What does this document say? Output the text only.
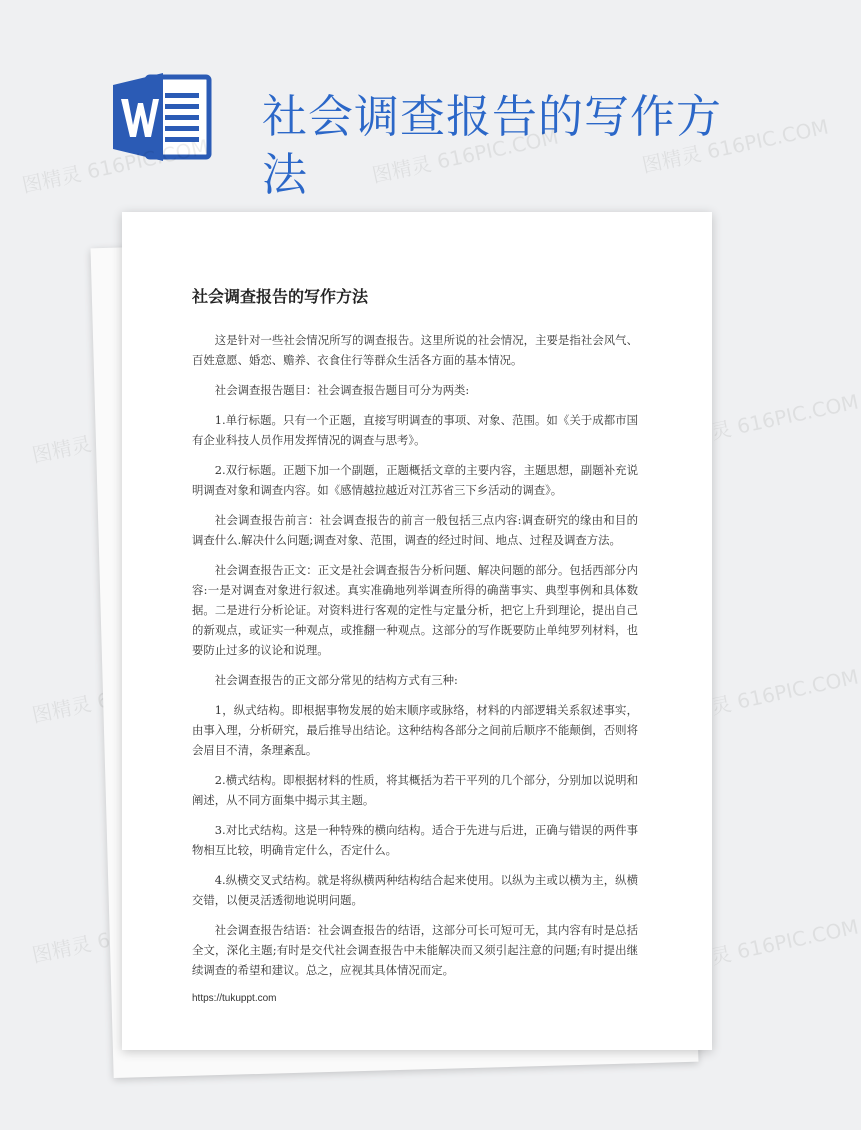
社会调查报告的写作方法	图精灵 616PIC.COM	图精灵 616PIC.COM
图精灵 616PIC.COM
图精灵	图精灵 616PIC.COM
图精灵	图精灵 616PIC.COM
图精灵	图精灵 616PIC.COM
社会调查报告的写作方法

这是针对一些社会情况所写的调查报告。这里所说的社会情况，主要是指社会风气、百姓意愿、婚恋、赡养、衣食住行等群众生活各方面的基本情况。

社会调查报告题目：社会调查报告题目可分为两类:

1.单行标题。只有一个正题，直接写明调查的事项、对象、范围。如《关于成都市国有企业科技人员作用发挥情况的调查与思考》。

2.双行标题。正题下加一个副题，正题概括文章的主要内容，主题思想，副题补充说明调查对象和调查内容。如《感情越拉越近对江苏省三下乡活动的调查》。

社会调查报告前言：社会调查报告的前言一般包括三点内容:调查研究的缘由和目的调查什么.解决什么问题;调查对象、范围，调查的经过时间、地点、过程及调查方法。

社会调查报告正文：正文是社会调查报告分析问题、解决问题的部分。包括西部分内容:一是对调查对象进行叙述。真实准确地列举调查所得的确凿事实、典型事例和具体数据。二是进行分析论证。对资料进行客观的定性与定量分析，把它上升到理论，提出自己的新观点，或证实一种观点，或推翻一种观点。这部分的写作既要防止单纯罗列材料，也要防止过多的议论和说理。

社会调查报告的正文部分常见的结构方式有三种:

1，纵式结构。即根据事物发展的始末顺序或脉络，材料的内部逻辑关系叙述事实，由事入理，分析研究，最后推导出结论。这种结构各部分之间前后顺序不能颠倒，否则将会眉目不清，条理紊乱。

2.横式结构。即根据材料的性质，将其概括为若干平列的几个部分，分别加以说明和阐述，从不同方面集中揭示其主题。

3.对比式结构。这是一种特殊的横向结构。适合于先进与后进，正确与错误的两件事物相互比较，明确肯定什么，否定什么。

4.纵横交叉式结构。就是将纵横两种结构结合起来使用。以纵为主或以横为主，纵横交错，以便灵活透彻地说明问题。

社会调查报告结语：社会调查报告的结语，这部分可长可短可无，其内容有时是总括全文，深化主题;有时是交代社会调查报告中未能解决而又须引起注意的问题;有时提出继续调查的希望和建议。总之，应视其具体情况而定。

https://tukuppt.com
